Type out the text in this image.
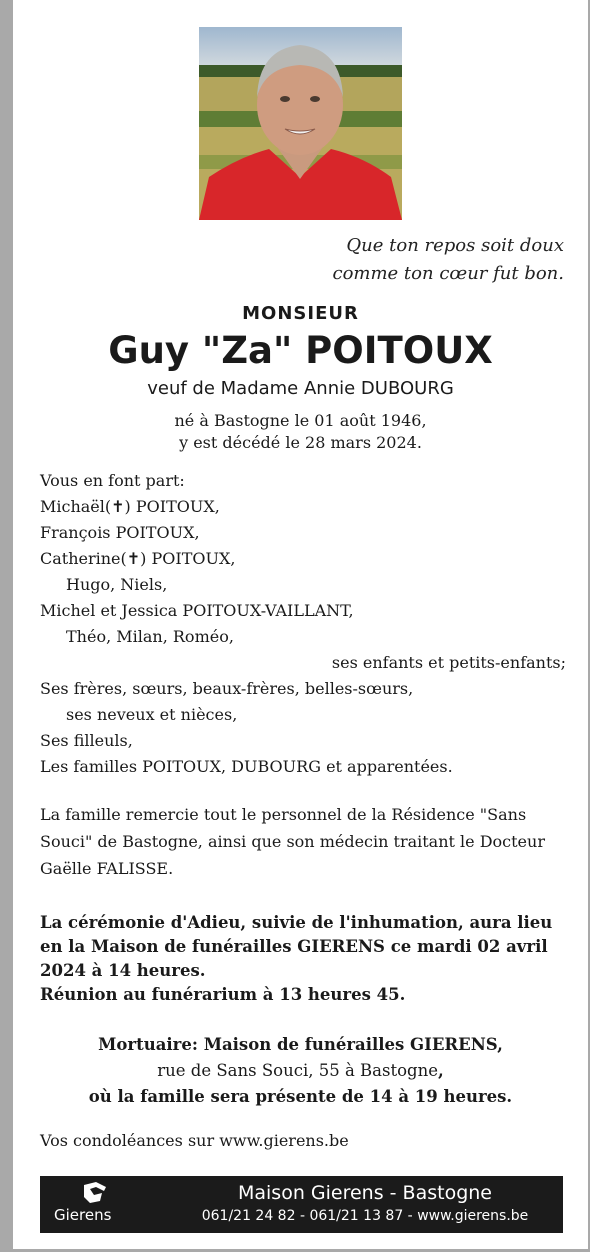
Que ton repos soit doux
comme ton cœur fut bon.
MONSIEUR
Guy "Za" POITOUX
veuf de Madame Annie DUBOURG
né à Bastogne le 01 août 1946,
y est décédé le 28 mars 2024.
Vous en font part:
Michaël(✝) POITOUX,
François POITOUX,
Catherine(✝) POITOUX,
Hugo, Niels,
Michel et Jessica POITOUX-VAILLANT,
Théo, Milan, Roméo,
ses enfants et petits-enfants;
Ses frères, sœurs, beaux-frères, belles-sœurs,
ses neveux et nièces,
Ses filleuls,
Les familles POITOUX, DUBOURG et apparentées.
La famille remercie tout le personnel de la Résidence "Sans Souci" de Bastogne, ainsi que son médecin traitant le Docteur Gaëlle FALISSE.
La cérémonie d'Adieu, suivie de l'inhumation, aura lieu en la Maison de funérailles GIERENS ce mardi 02 avril 2024 à 14 heures.
Réunion au funérarium à 13 heures 45.
Mortuaire: Maison de funérailles GIERENS,
rue de Sans Souci, 55 à Bastogne,
où la famille sera présente de 14 à 19 heures.
Vos condoléances sur www.gierens.be
Gierens
Maison Gierens - Bastogne
061/21 24 82 - 061/21 13 87 - www.gierens.be
